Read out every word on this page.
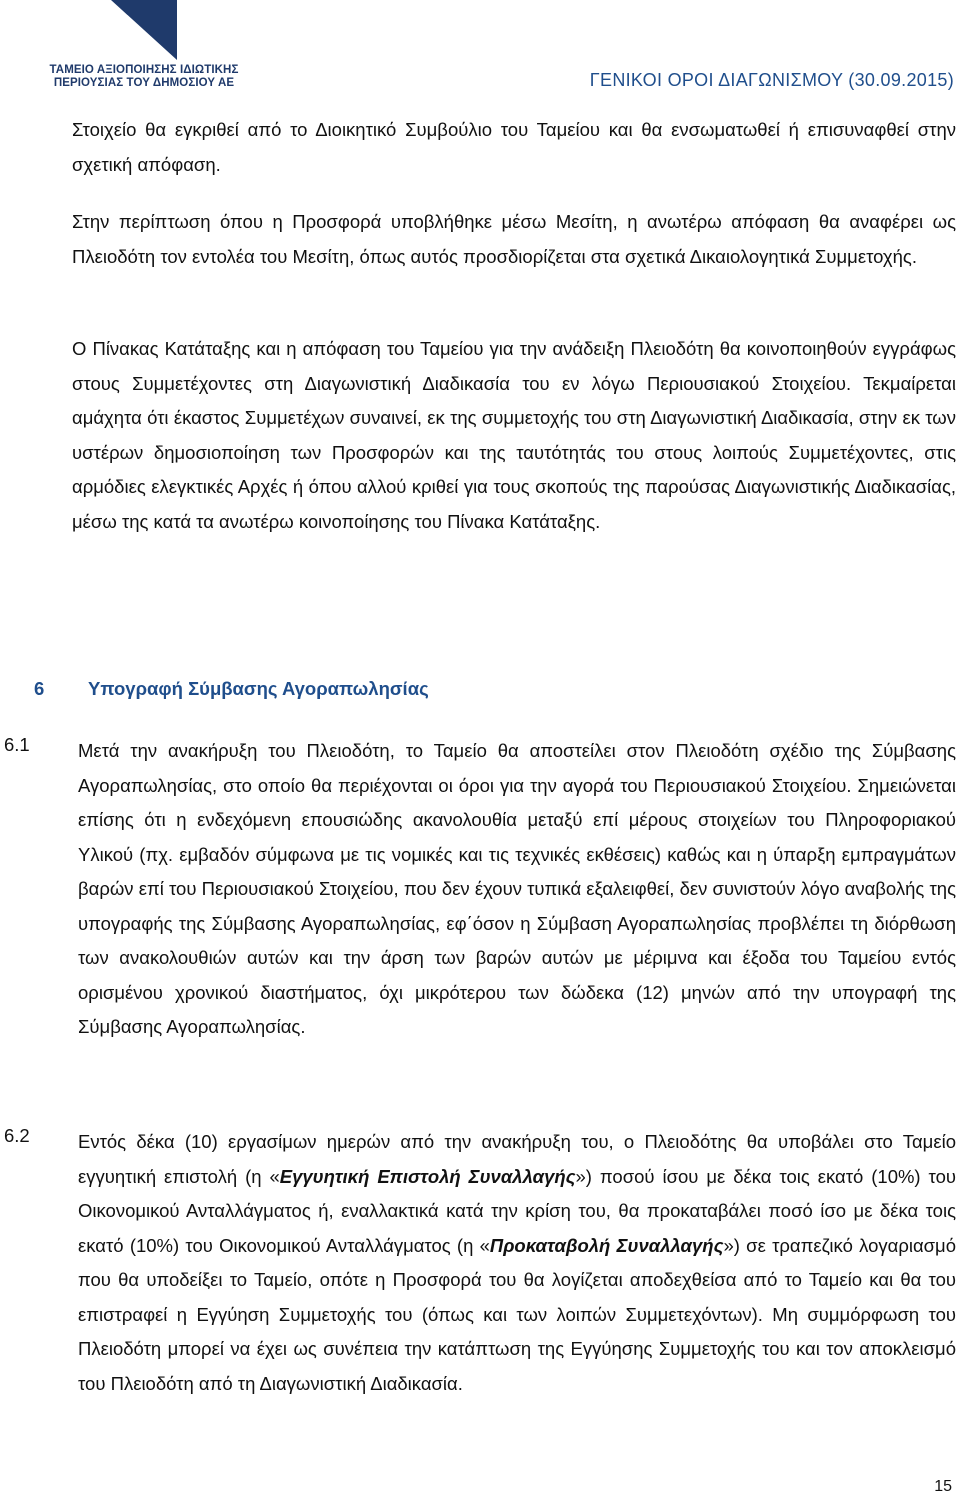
ΤΑΜΕΙΟ ΑΞΙΟΠΟΙΗΣΗΣ ΙΔΙΩΤΙΚΗΣ
ΠΕΡΙΟΥΣΙΑΣ ΤΟΥ ΔΗΜΟΣΙΟΥ ΑΕ	ΓΕΝΙΚΟΙ ΟΡΟΙ ΔΙΑΓΩΝΙΣΜΟΥ (30.09.2015)

Στοιχείο θα εγκριθεί από το Διοικητικό Συμβούλιο του Ταμείου και θα ενσωματωθεί ή επισυναφθεί στην σχετική απόφαση.

Στην περίπτωση όπου η Προσφορά υποβλήθηκε μέσω Μεσίτη, η ανωτέρω απόφαση θα αναφέρει ως Πλειοδότη τον εντολέα του Μεσίτη, όπως αυτός προσδιορίζεται στα σχετικά Δικαιολογητικά Συμμετοχής.

Ο Πίνακας Κατάταξης και η απόφαση του Ταμείου για την ανάδειξη Πλειοδότη θα κοινοποιηθούν εγγράφως στους Συμμετέχοντες στη Διαγωνιστική Διαδικασία του εν λόγω Περιουσιακού Στοιχείου. Τεκμαίρεται αμάχητα ότι έκαστος Συμμετέχων συναινεί, εκ της συμμετοχής του στη Διαγωνιστική Διαδικασία, στην εκ των υστέρων δημοσιοποίηση των Προσφορών και της ταυτότητάς του στους λοιπούς Συμμετέχοντες, στις αρμόδιες ελεγκτικές Αρχές ή όπου αλλού κριθεί για τους σκοπούς της παρούσας Διαγωνιστικής Διαδικασίας, μέσω της κατά τα ανωτέρω κοινοποίησης του Πίνακα Κατάταξης.

6 Υπογραφή Σύμβασης Αγοραπωλησίας
6.1	Μετά την ανακήρυξη του Πλειοδότη, το Ταμείο θα αποστείλει στον Πλειοδότη σχέδιο της Σύμβασης Αγοραπωλησίας, στο οποίο θα περιέχονται οι όροι για την αγορά του Περιουσιακού Στοιχείου. Σημειώνεται επίσης ότι η ενδεχόμενη επουσιώδης ακανολουθία μεταξύ επί μέρους στοιχείων του Πληροφοριακού Υλικού (πχ. εμβαδόν σύμφωνα με τις νομικές και τις τεχνικές εκθέσεις) καθώς και η ύπαρξη εμπραγμάτων βαρών επί του Περιουσιακού Στοιχείου, που δεν έχουν τυπικά εξαλειφθεί, δεν συνιστούν λόγο αναβολής της υπογραφής της Σύμβασης Αγοραπωλησίας, εφ΄όσον η Σύμβαση Αγοραπωλησίας προβλέπει τη διόρθωση των ανακολουθιών αυτών και την άρση των βαρών αυτών με μέριμνα και έξοδα του Ταμείου εντός ορισμένου χρονικού διαστήματος, όχι μικρότερου των δώδεκα (12) μηνών από την υπογραφή της Σύμβασης Αγοραπωλησίας.

6.2	Εντός δέκα (10) εργασίμων ημερών από την ανακήρυξη του, ο Πλειοδότης θα υποβάλει στο Ταμείο εγγυητική επιστολή (η «Εγγυητική Επιστολή Συναλλαγής») ποσού ίσου με δέκα τοις εκατό (10%) του Οικονομικού Ανταλλάγματος ή, εναλλακτικά κατά την κρίση του, θα προκαταβάλει ποσό ίσο με δέκα τοις εκατό (10%) του Οικονομικού Ανταλλάγματος (η «Προκαταβολή Συναλλαγής») σε τραπεζικό λογαριασμό που θα υποδείξει το Ταμείο, οπότε η Προσφορά του θα λογίζεται αποδεχθείσα από το Ταμείο και θα του επιστραφεί η Εγγύηση Συμμετοχής του (όπως και των λοιπών Συμμετεχόντων). Μη συμμόρφωση του Πλειοδότη μπορεί να έχει ως συνέπεια την κατάπτωση της Εγγύησης Συμμετοχής του και τον αποκλεισμό του Πλειοδότη από τη Διαγωνιστική Διαδικασία.

15
